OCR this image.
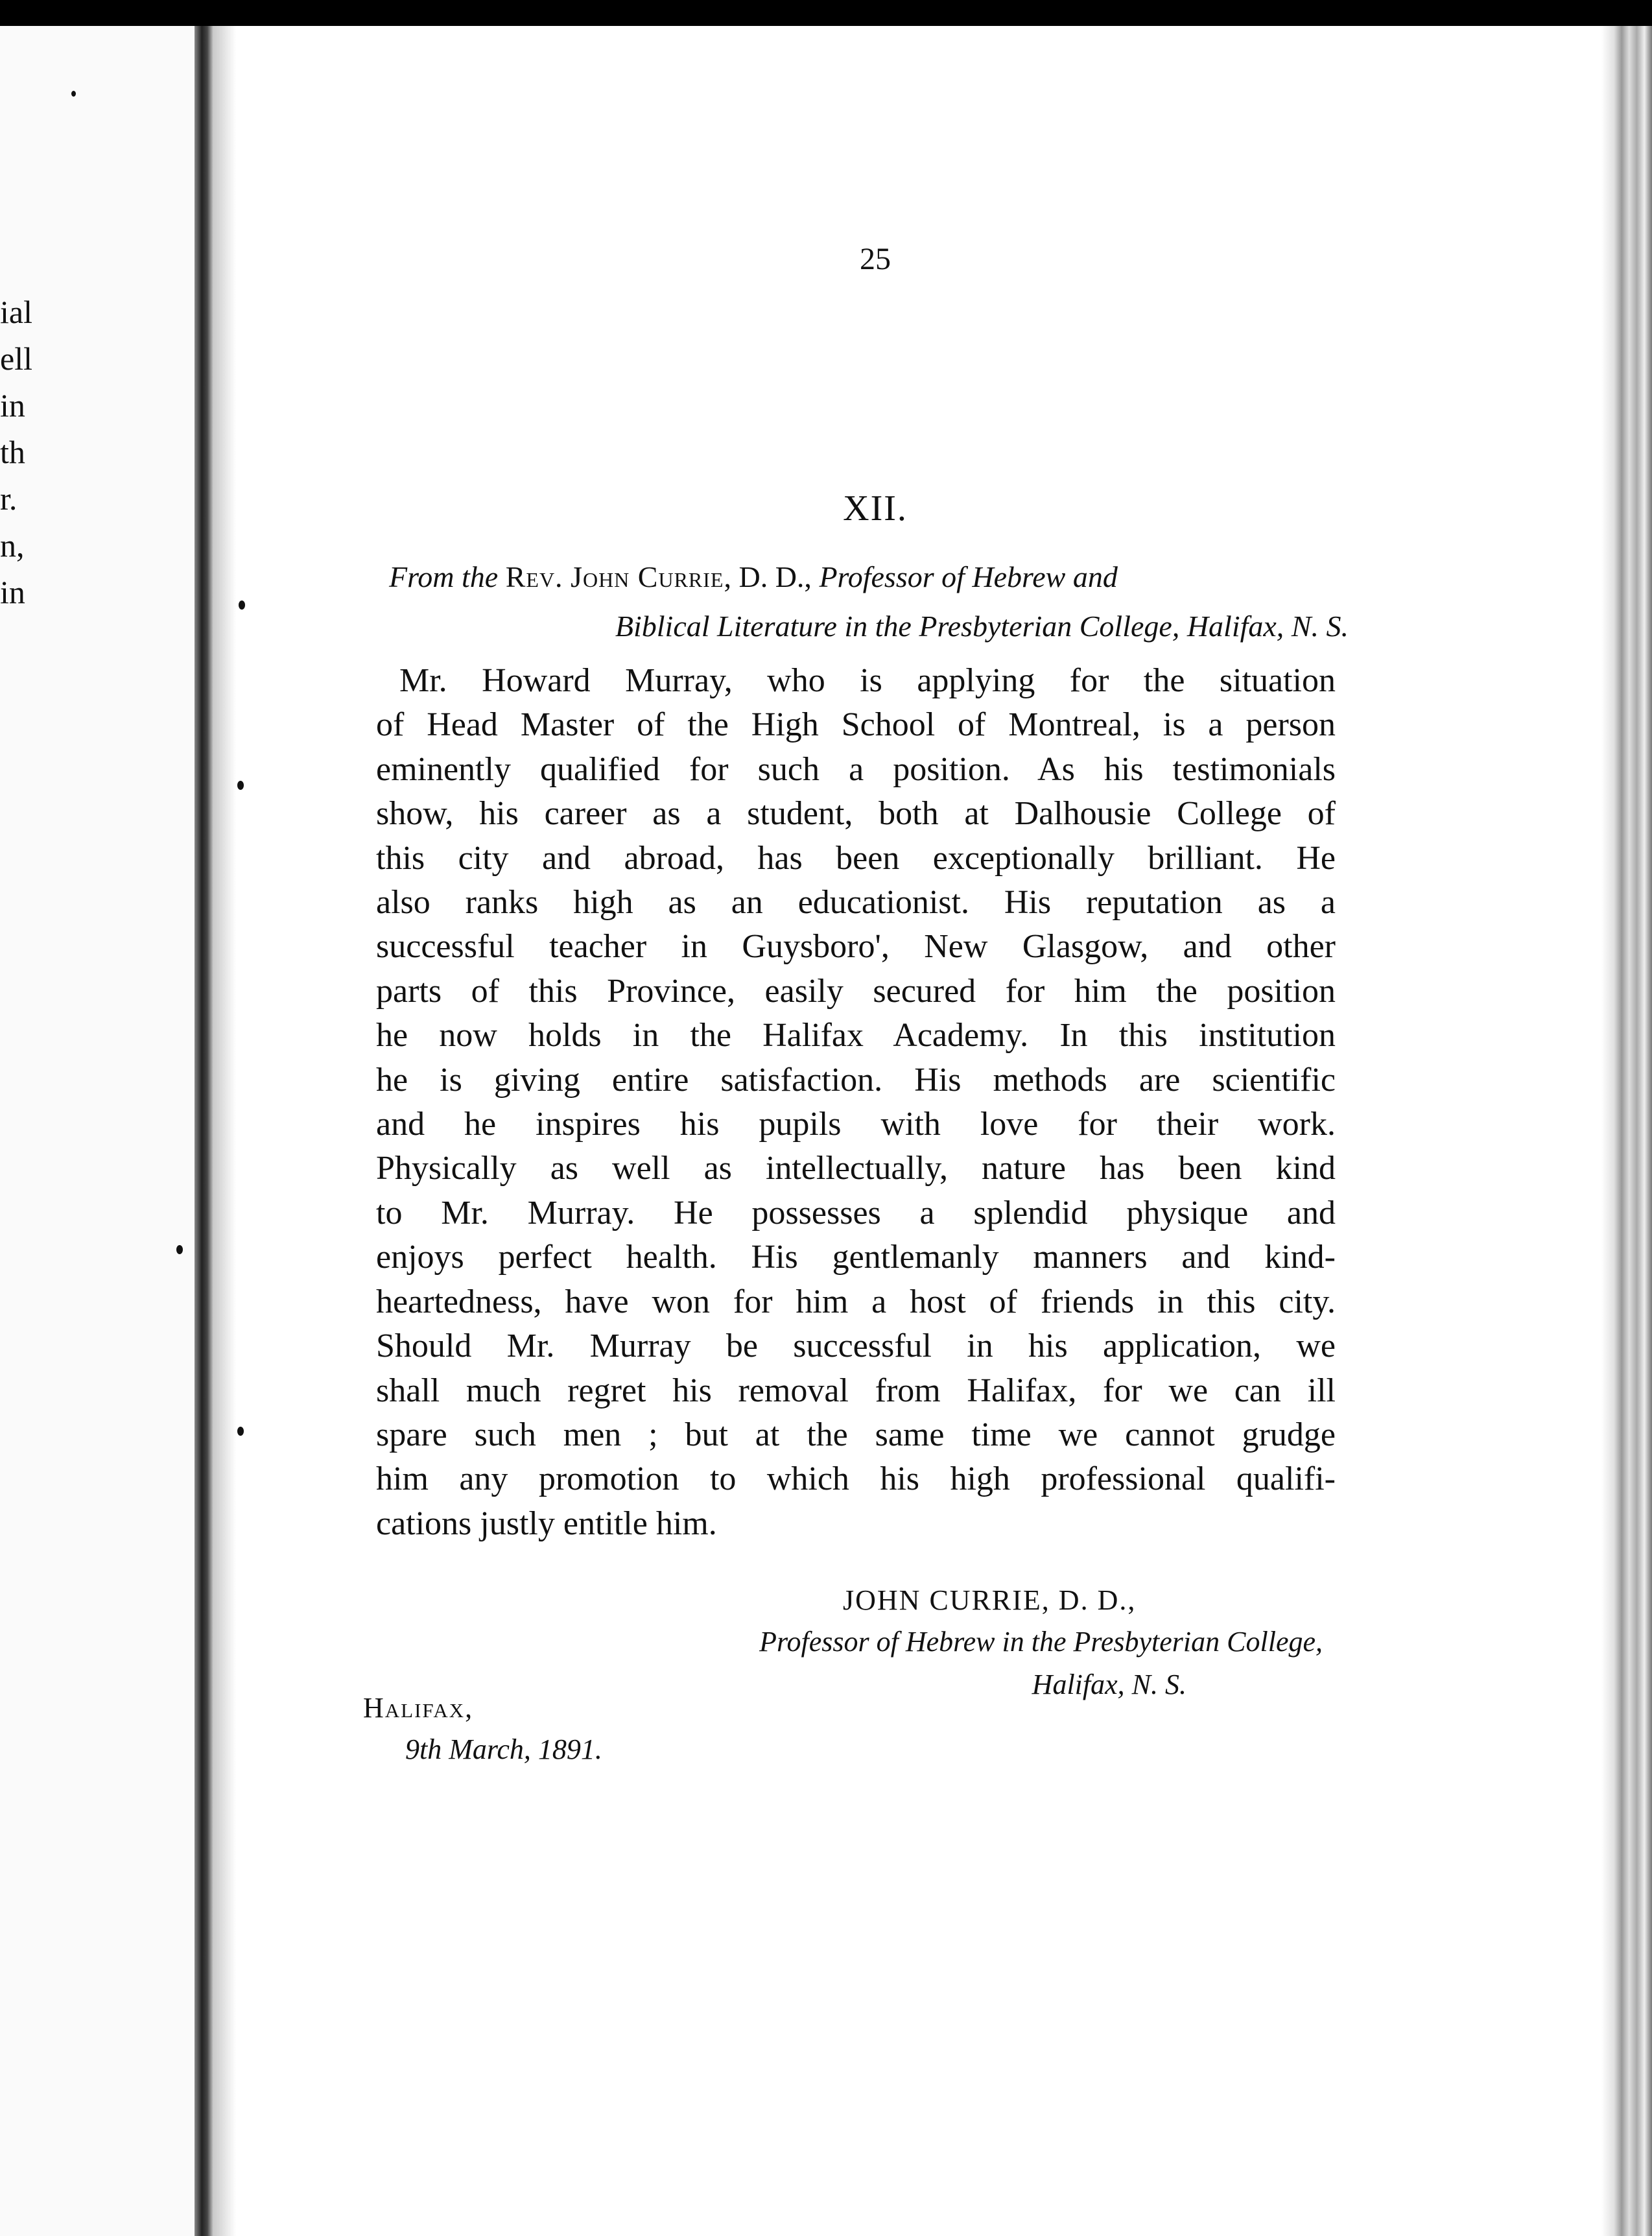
ial
ell
in
th
r.
n,
in
25
XII.
From the Rev. John Currie, D. D., Professor of Hebrew and
Biblical Literature in the Presbyterian College, Halifax, N. S.
Mr. Howard Murray, who is applying for the situation
of Head Master of the High School of Montreal, is a person
eminently qualified for such a position. As his testimonials
show, his career as a student, both at Dalhousie College of
this city and abroad, has been exceptionally brilliant. He
also ranks high as an educationist. His reputation as a
successful teacher in Guysboro', New Glasgow, and other
parts of this Province, easily secured for him the position
he now holds in the Halifax Academy. In this institution
he is giving entire satisfaction. His methods are scientific
and he inspires his pupils with love for their work.
Physically as well as intellectually, nature has been kind
to Mr. Murray. He possesses a splendid physique and
enjoys perfect health. His gentlemanly manners and kind-
heartedness, have won for him a host of friends in this city.
Should Mr. Murray be successful in his application, we
shall much regret his removal from Halifax, for we can ill
spare such men ; but at the same time we cannot grudge
him any promotion to which his high professional qualifi-
cations justly entitle him.
JOHN CURRIE, D. D.,
Professor of Hebrew in the Presbyterian College,
Halifax, N. S.
Halifax,
9th March, 1891.
